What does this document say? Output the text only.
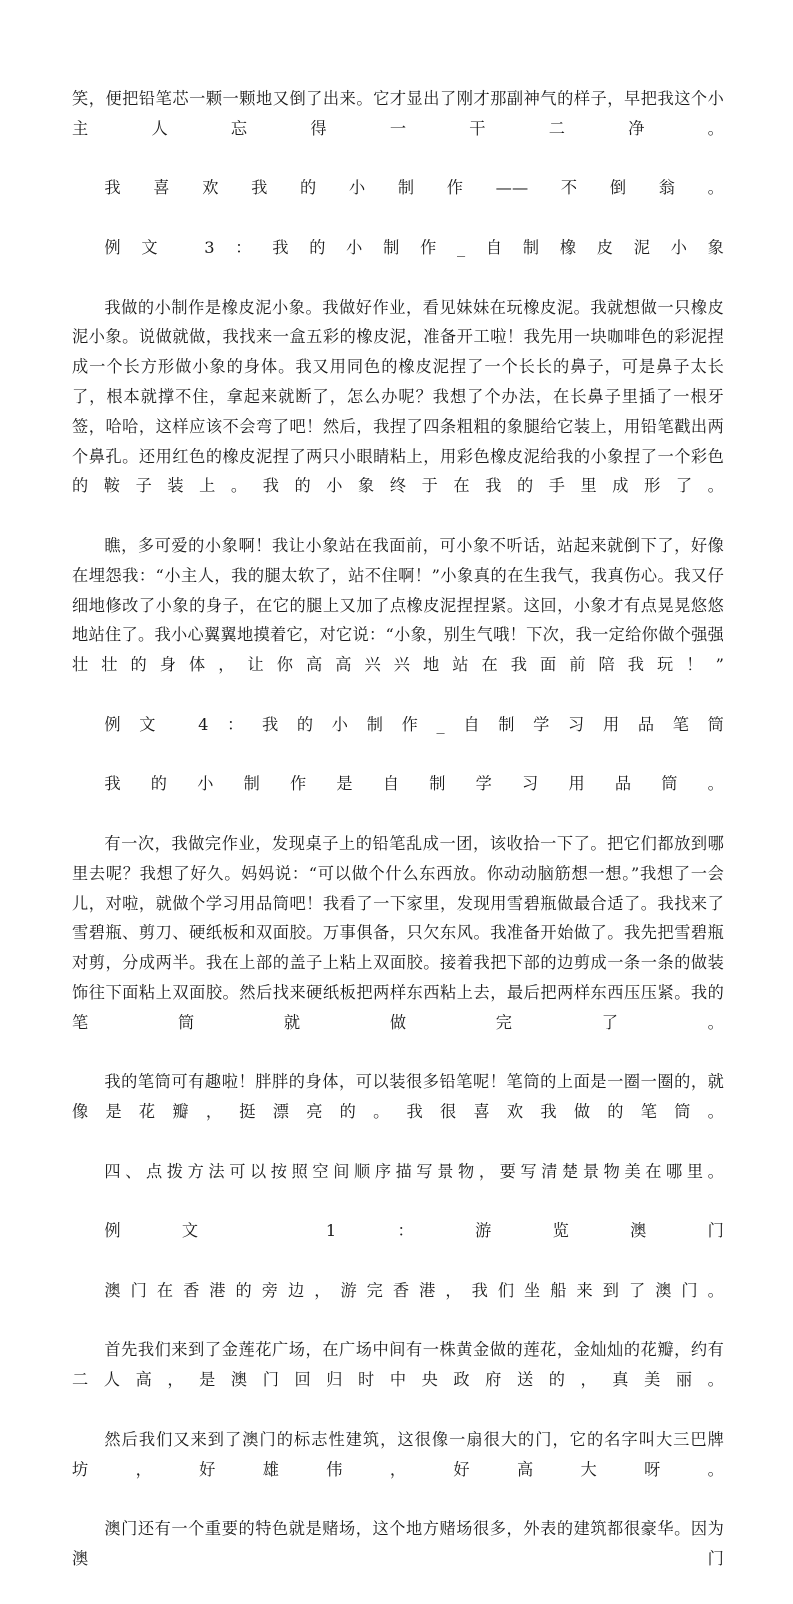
笑，便把铅笔芯一颗一颗地又倒了出来。它才显出了刚才那副神气的样子，早把我这个小主人忘得一干二净。

我喜欢我的小制作——不倒翁。

例文 3：我的小制作_自制橡皮泥小象

我做的小制作是橡皮泥小象。我做好作业，看见妹妹在玩橡皮泥。我就想做一只橡皮泥小象。说做就做，我找来一盒五彩的橡皮泥，准备开工啦！我先用一块咖啡色的彩泥捏成一个长方形做小象的身体。我又用同色的橡皮泥捏了一个长长的鼻子，可是鼻子太长了，根本就撑不住，拿起来就断了，怎么办呢？我想了个办法，在长鼻子里插了一根牙签，哈哈，这样应该不会弯了吧！然后，我捏了四条粗粗的象腿给它装上，用铅笔戳出两个鼻孔。还用红色的橡皮泥捏了两只小眼睛粘上，用彩色橡皮泥给我的小象捏了一个彩色的鞍子装上。我的小象终于在我的手里成形了。

瞧，多可爱的小象啊！我让小象站在我面前，可小象不听话，站起来就倒下了，好像在埋怨我：“小主人，我的腿太软了，站不住啊！”小象真的在生我气，我真伤心。我又仔细地修改了小象的身子，在它的腿上又加了点橡皮泥捏捏紧。这回，小象才有点晃晃悠悠地站住了。我小心翼翼地摸着它，对它说：“小象，别生气哦！下次，我一定给你做个强强壮壮的身体，让你高高兴兴地站在我面前陪我玩！”

例文 4：我的小制作_自制学习用品笔筒

我的小制作是自制学习用品筒。

有一次，我做完作业，发现桌子上的铅笔乱成一团，该收拾一下了。把它们都放到哪里去呢？我想了好久。妈妈说：“可以做个什么东西放。你动动脑筋想一想。”我想了一会儿，对啦，就做个学习用品筒吧！我看了一下家里，发现用雪碧瓶做最合适了。我找来了雪碧瓶、剪刀、硬纸板和双面胶。万事俱备，只欠东风。我准备开始做了。我先把雪碧瓶对剪，分成两半。我在上部的盖子上粘上双面胶。接着我把下部的边剪成一条一条的做装饰往下面粘上双面胶。然后找来硬纸板把两样东西粘上去，最后把两样东西压压紧。我的笔筒就做完了。

我的笔筒可有趣啦！胖胖的身体，可以装很多铅笔呢！笔筒的上面是一圈一圈的，就像是花瓣，挺漂亮的。我很喜欢我做的笔筒。

四、点拨方法可以按照空间顺序描写景物，要写清楚景物美在哪里。

例文 1：游览澳门

澳门在香港的旁边，游完香港，我们坐船来到了澳门。

首先我们来到了金莲花广场，在广场中间有一株黄金做的莲花，金灿灿的花瓣，约有二人高，是澳门回归时中央政府送的，真美丽。

然后我们又来到了澳门的标志性建筑，这很像一扇很大的门，它的名字叫大三巴牌坊，好雄伟，好高大呀。

澳门还有一个重要的特色就是赌场，这个地方赌场很多，外表的建筑都很豪华。因为澳门
